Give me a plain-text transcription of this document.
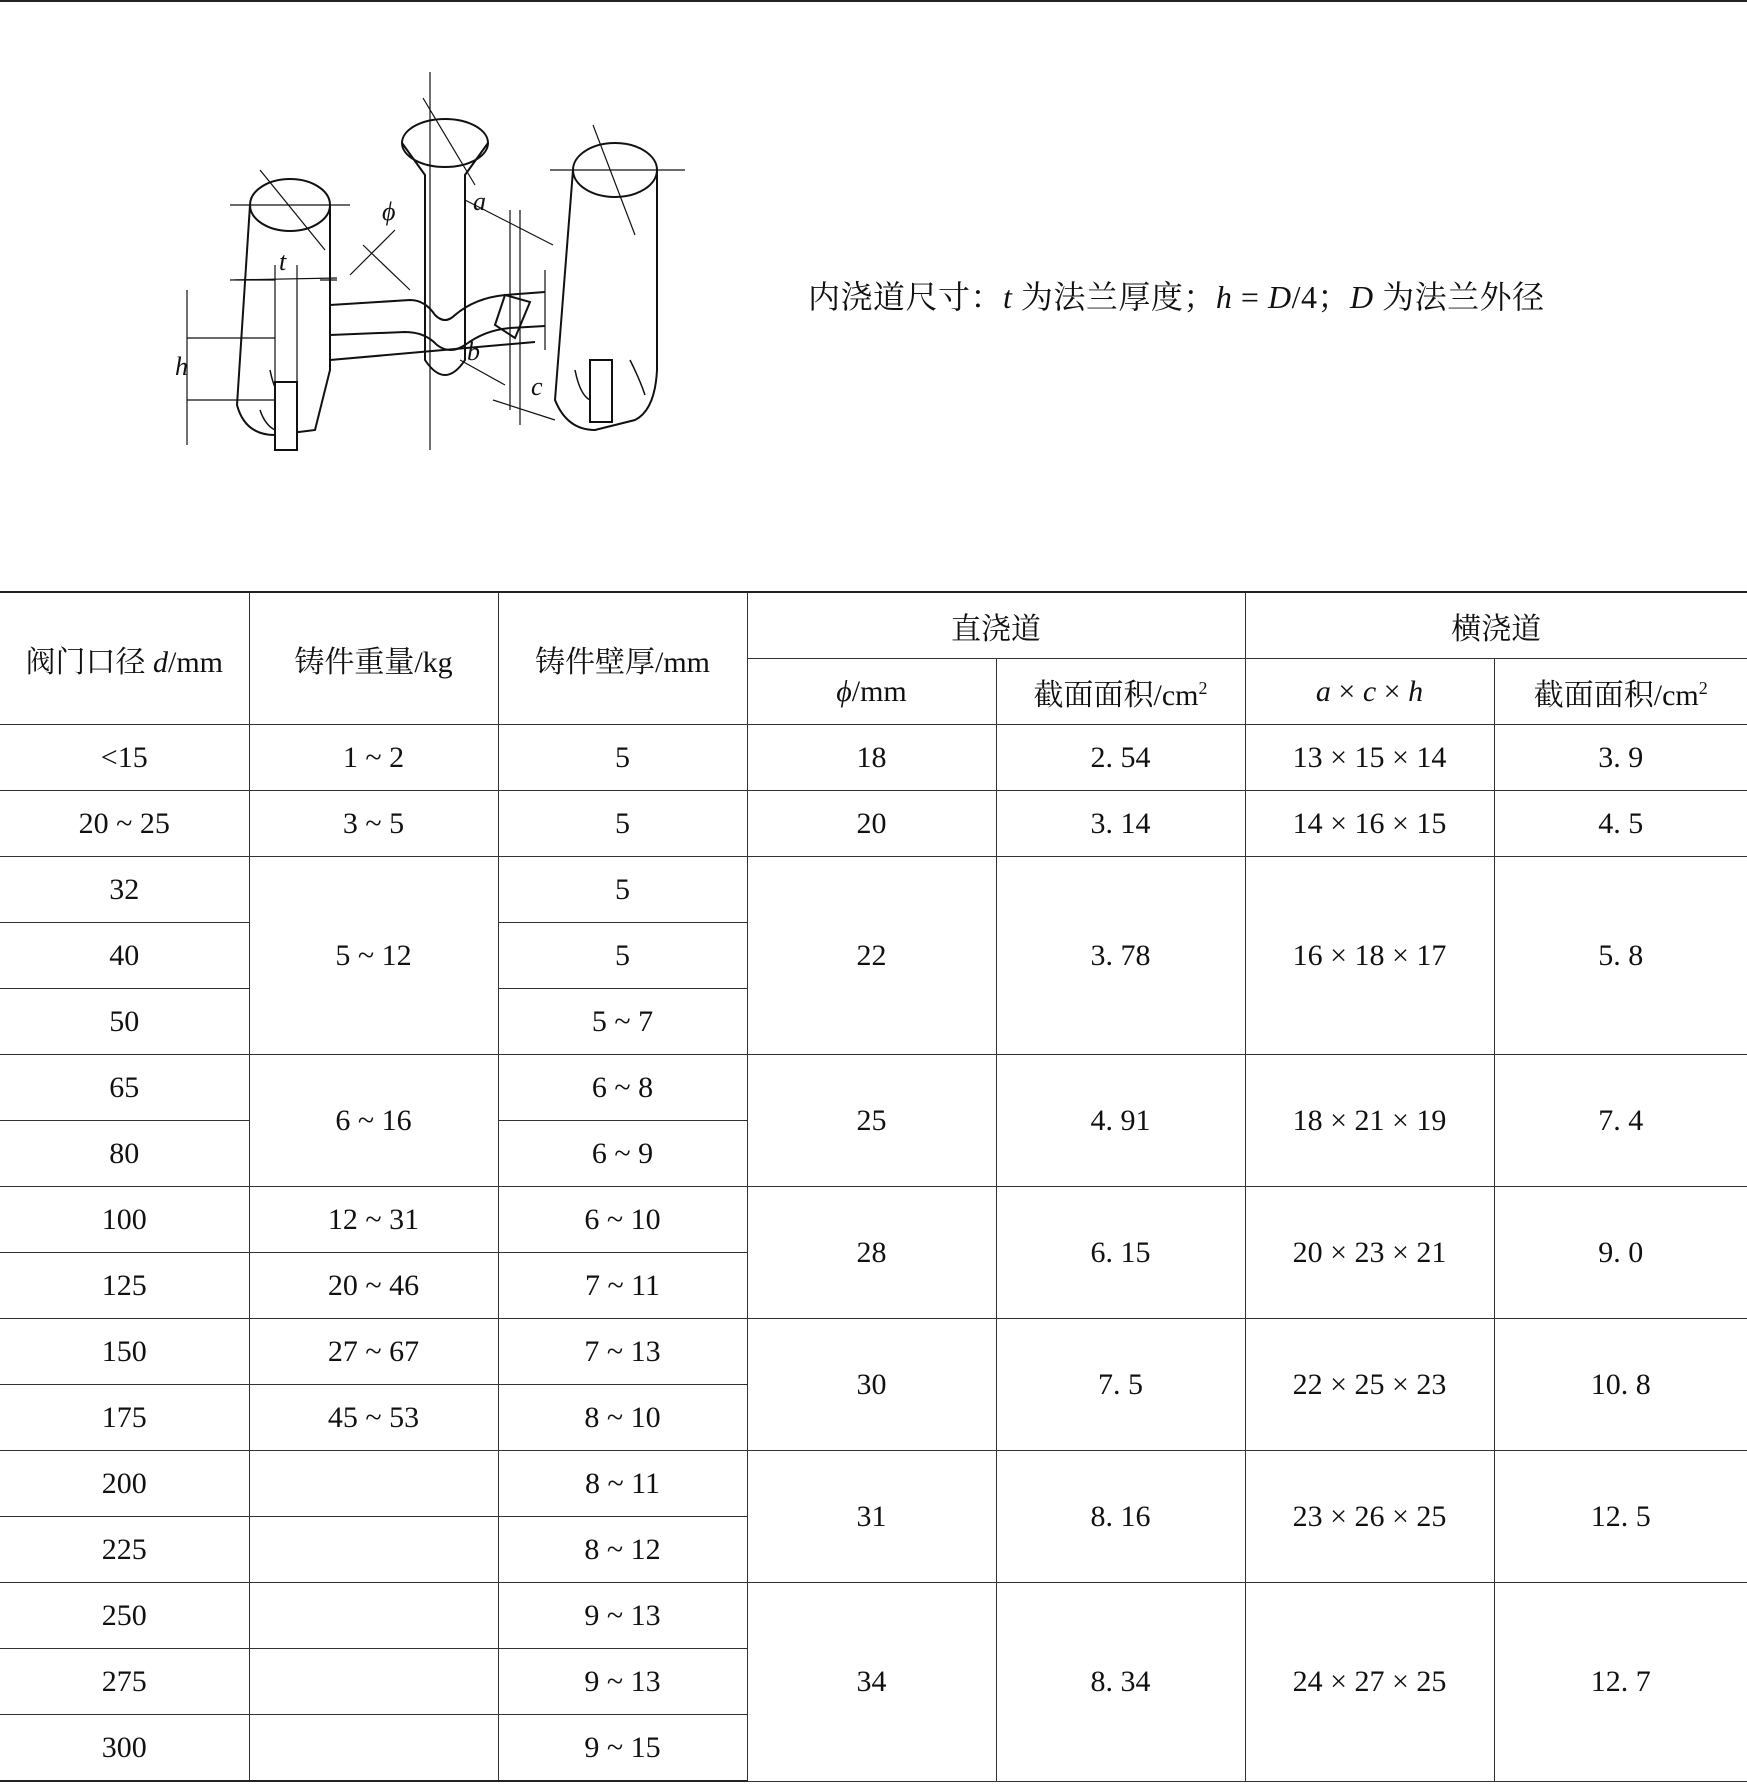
t
ϕ	a
h
b
c
内浇道尺寸：t 为法兰厚度；h = D/4；D 为法兰外径
阀门口径 d/mm	铸件重量/kg	铸件壁厚/mm	直浇道		横浇道	
			ϕ/mm	截面面积$/cm^2$	a × c × h	截面面积$/cm^2$
<15	1 ~ 2	5	18	2. 54	13 × 15 × 14	3. 9
20 ~ 25	3 ~ 5	5	20	3. 14	14 × 16 × 15	4. 5
32	5 ~ 12	5	22	3. 78	16 × 18 × 17	5. 8
40		5				
50		5 ~ 7				
65	6 ~ 16	6 ~ 8	25	4. 91	18 × 21 × 19	7. 4
80		6 ~ 9				
100	12 ~ 31	6 ~ 10	28	6. 15	20 × 23 × 21	9. 0
125	20 ~ 46	7 ~ 11				
150	27 ~ 67	7 ~ 13	30	7. 5	22 × 25 × 23	10. 8
175	45 ~ 53	8 ~ 10				
200		8 ~ 11	31	8. 16	23 × 26 × 25	12. 5
225		8 ~ 12				
250		9 ~ 13	34	8. 34	24 × 27 × 25	12. 7
275		9 ~ 13				
300		9 ~ 15				
